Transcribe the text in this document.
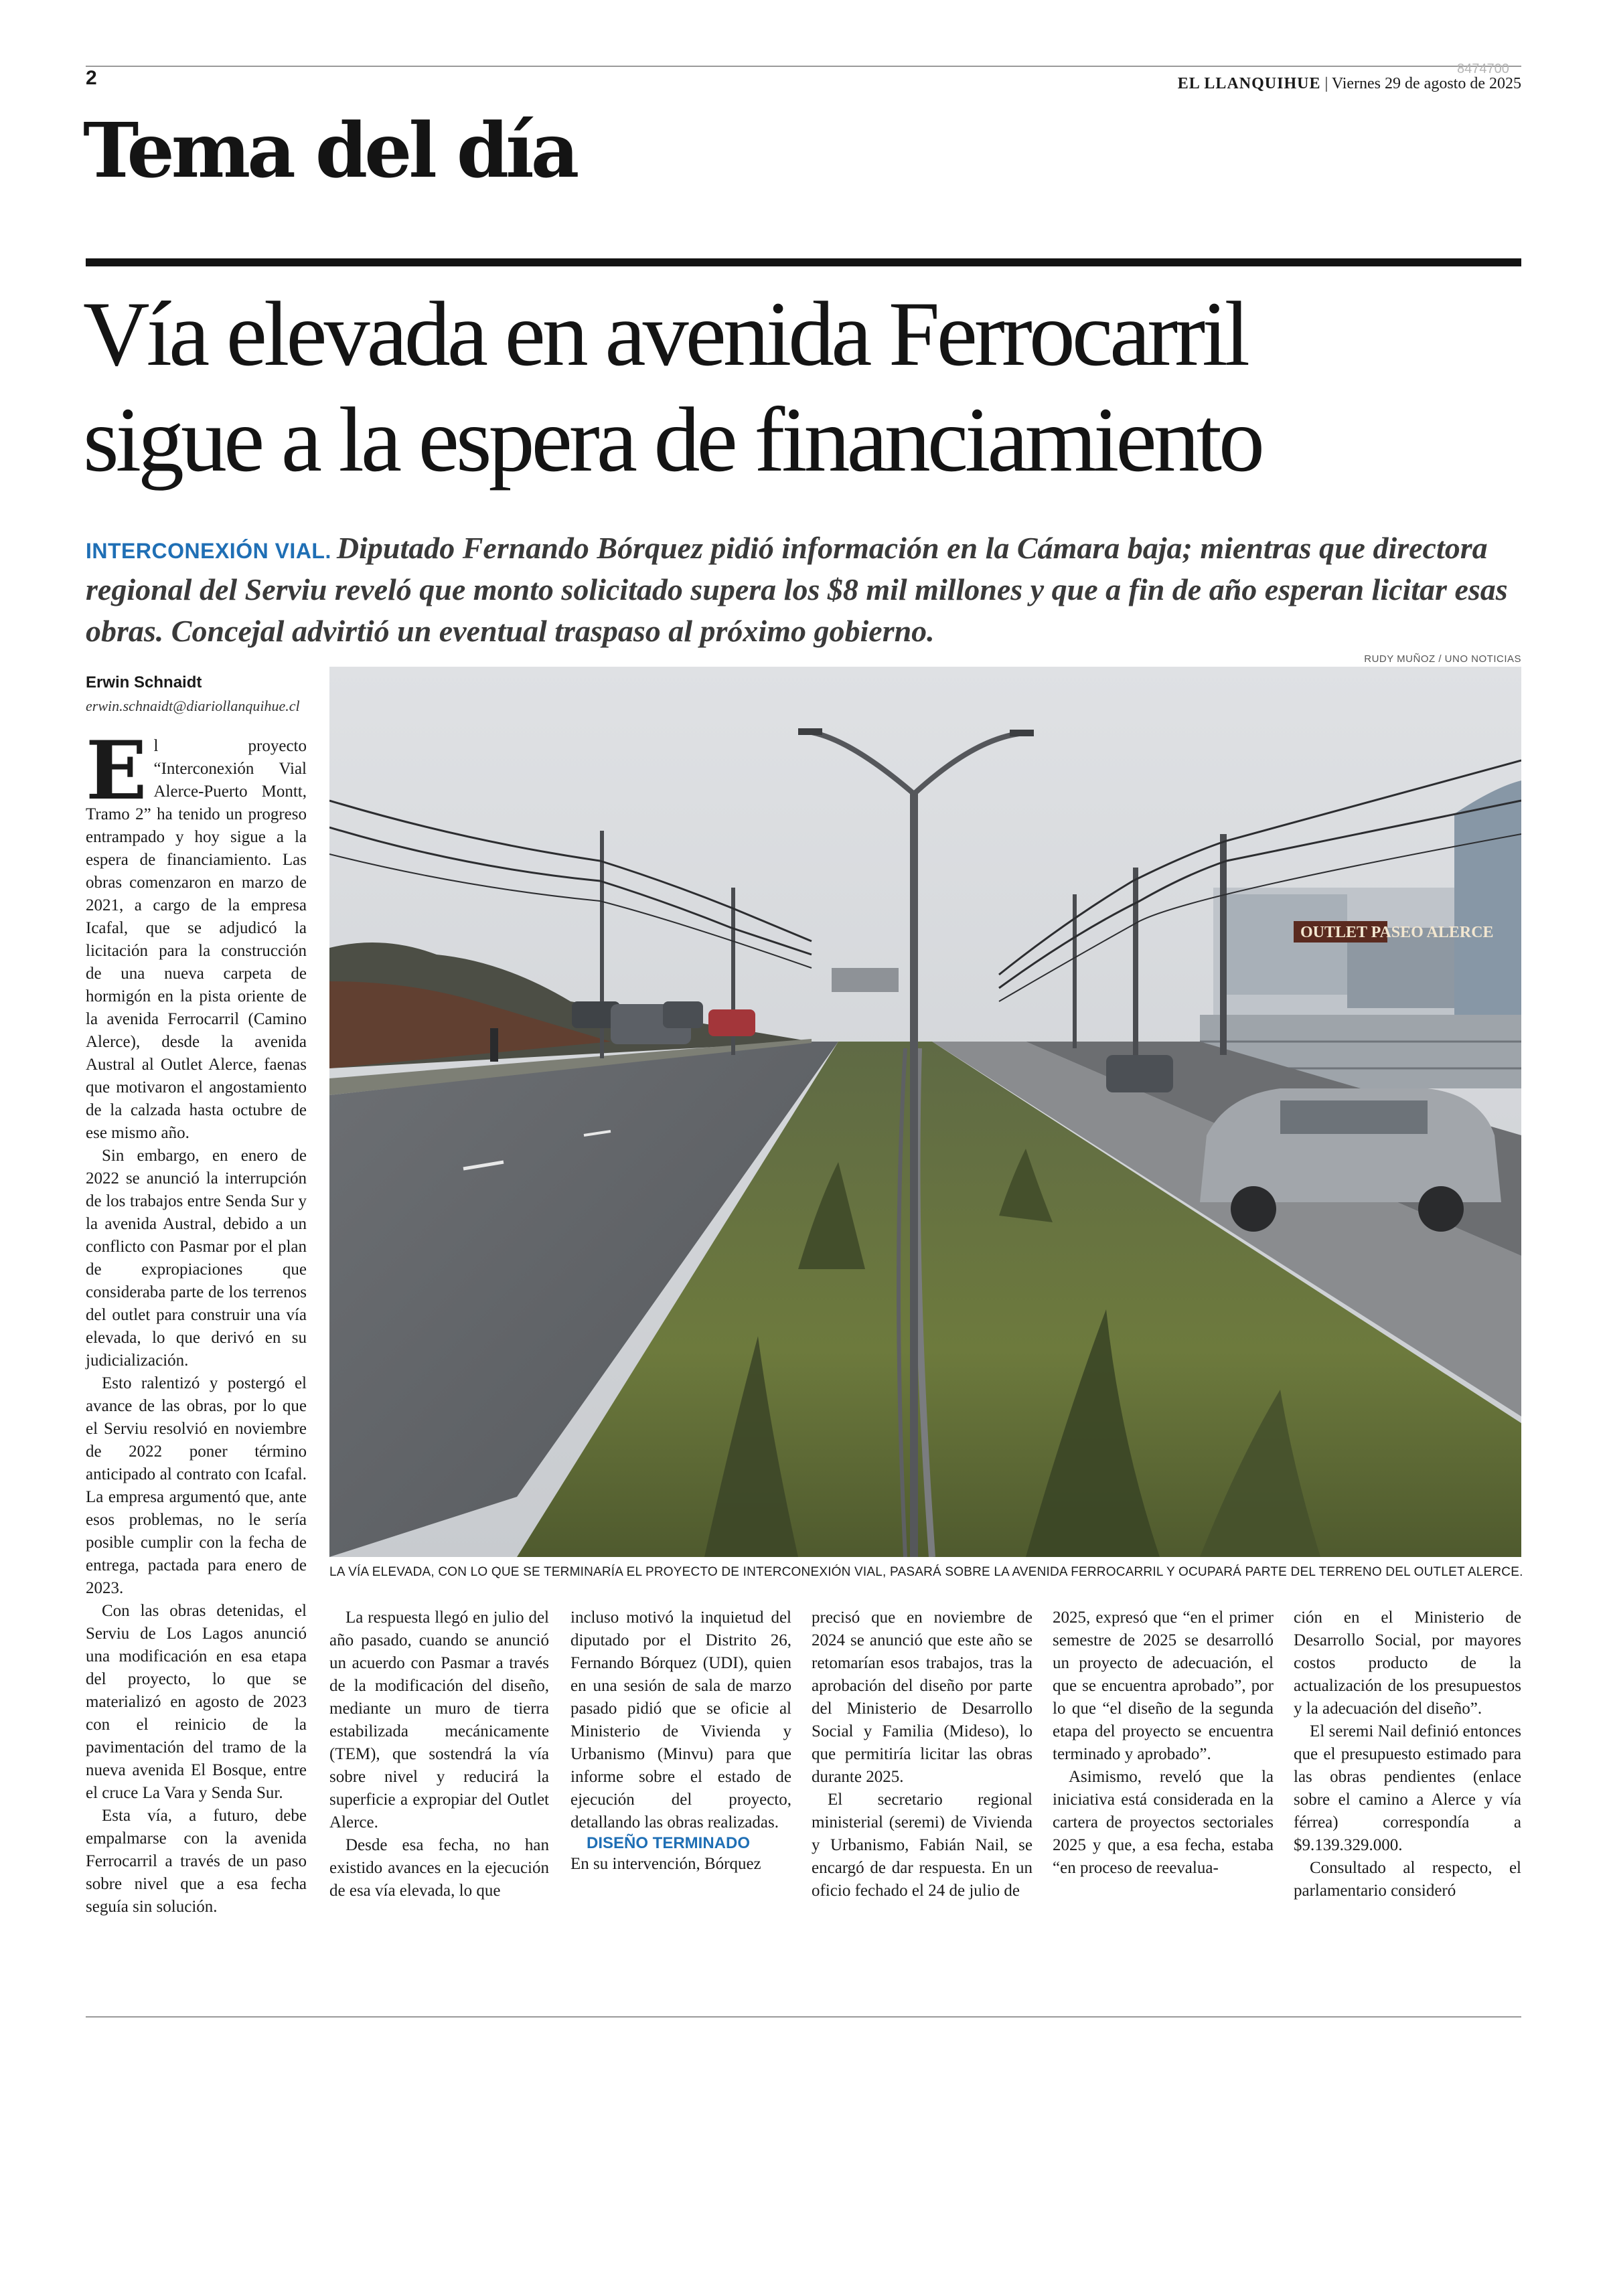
2	8474700
EL LLANQUIHUE | Viernes 29 de agosto de 2025
Tema del día
Vía elevada en avenida Ferrocarril
sigue a la espera de financiamiento
INTERCONEXIÓN VIAL. Diputado Fernando Bórquez pidió información en la Cámara baja; mientras que directora regional del Serviu reveló que monto solicitado supera los $8 mil millones y que a fin de año esperan licitar esas obras. Concejal advirtió un eventual traspaso al próximo gobierno.
RUDY MUÑOZ / UNO NOTICIAS
Erwin Schnaidt
erwin.schnaidt@diariollanquihue.cl
OUTLET PASEO ALERCE
LA VÍA ELEVADA, CON LO QUE SE TERMINARÍA EL PROYECTO DE INTERCONEXIÓN VIAL, PASARÁ SOBRE LA AVENIDA FERROCARRIL Y OCUPARÁ PARTE DEL TERRENO DEL OUTLET ALERCE.

El proyecto “Interconexión Vial Alerce-Puerto Montt, Tramo 2” ha tenido un progreso entrampado y hoy sigue a la espera de financiamiento. Las obras comenzaron en marzo de 2021, a cargo de la empresa Icafal, que se adjudicó la licitación para la construcción de una nueva carpeta de hormigón en la pista oriente de la avenida Ferrocarril (Camino Alerce), desde la avenida Austral al Outlet Alerce, faenas que motivaron el angostamiento de la calzada hasta octubre de ese mismo año.

Sin embargo, en enero de 2022 se anunció la interrupción de los trabajos entre Senda Sur y la avenida Austral, debido a un conflicto con Pasmar por el plan de expropiaciones que consideraba parte de los terrenos del outlet para construir una vía elevada, lo que derivó en su judicialización.

Esto ralentizó y postergó el avance de las obras, por lo que el Serviu resolvió en noviembre de 2022 poner término anticipado al contrato con Icafal. La empresa argumentó que, ante esos problemas, no le sería posible cumplir con la fecha de entrega, pactada para enero de 2023.

Con las obras detenidas, el Serviu de Los Lagos anunció una modificación en esa etapa del proyecto, lo que se materializó en agosto de 2023 con el reinicio de la pavimentación del tramo de la nueva avenida El Bosque, entre el cruce La Vara y Senda Sur.

Esta vía, a futuro, debe empalmarse con la avenida Ferrocarril a través de un paso sobre nivel que a esa fecha seguía sin solución.

La respuesta llegó en julio del año pasado, cuando se anunció un acuerdo con Pasmar a través de la modificación del diseño, mediante un muro de tierra estabilizada mecánicamente (TEM), que sostendrá la vía sobre nivel y reducirá la superficie a expropiar del Outlet Alerce.

Desde esa fecha, no han existido avances en la ejecución de esa vía elevada, lo que

incluso motivó la inquietud del diputado por el Distrito 26, Fernando Bórquez (UDI), quien en una sesión de sala de marzo pasado pidió que se oficie al Ministerio de Vivienda y Urbanismo (Minvu) para que informe sobre el estado de ejecución del proyecto, detallando las obras realizadas.

DISEÑO TERMINADO

En su intervención, Bórquez

precisó que en noviembre de 2024 se anunció que este año se retomarían esos trabajos, tras la aprobación del diseño por parte del Ministerio de Desarrollo Social y Familia (Mideso), lo que permitiría licitar las obras durante 2025.

El secretario regional ministerial (seremi) de Vivienda y Urbanismo, Fabián Nail, se encargó de dar respuesta. En un oficio fechado el 24 de julio de

2025, expresó que “en el primer semestre de 2025 se desarrolló un proyecto de adecuación, el que se encuentra aprobado”, por lo que “el diseño de la segunda etapa del proyecto se encuentra terminado y aprobado”.

Asimismo, reveló que la iniciativa está considerada en la cartera de proyectos sectoriales 2025 y que, a esa fecha, estaba “en proceso de reevalua-

ción en el Ministerio de Desarrollo Social, por mayores costos producto de la actualización de los presupuestos y la adecuación del diseño”.

El seremi Nail definió entonces que el presupuesto estimado para las obras pendientes (enlace sobre el camino a Alerce y vía férrea) correspondía a $9.139.329.000.

Consultado al respecto, el parlamentario consideró
